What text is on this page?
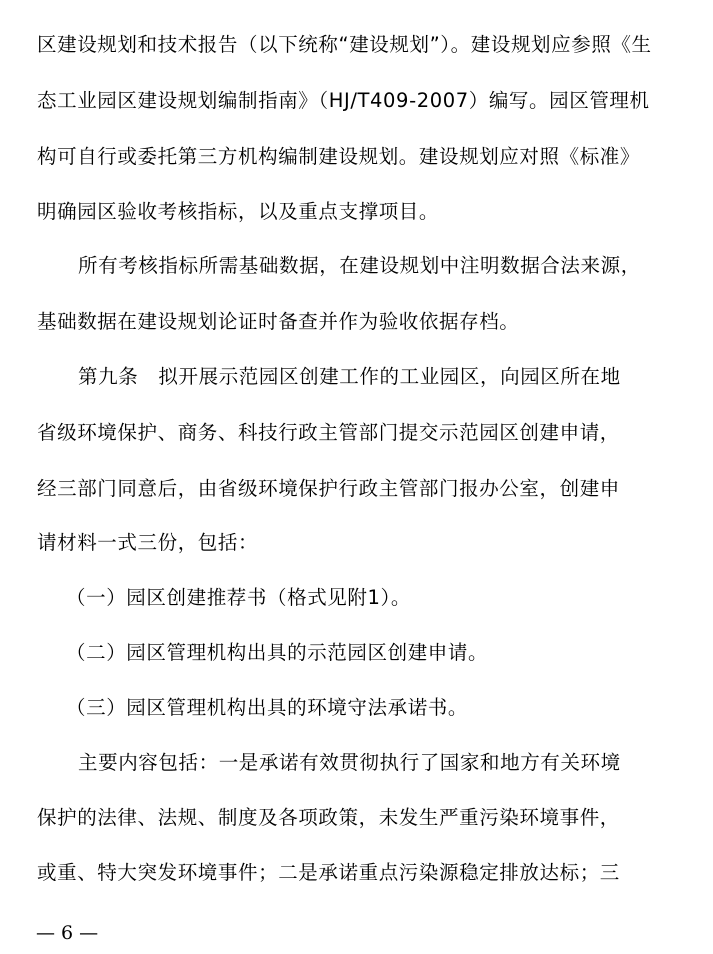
区建设规划和技术报告（以下统称“建设规划”）。建设规划应参照《生
态工业园区建设规划编制指南》（HJ/T409-2007）编写。园区管理机
构可自行或委托第三方机构编制建设规划。建设规划应对照《标准》
明确园区验收考核指标，以及重点支撑项目。
所有考核指标所需基础数据，在建设规划中注明数据合法来源，
基础数据在建设规划论证时备查并作为验收依据存档。
第九条　拟开展示范园区创建工作的工业园区，向园区所在地
省级环境保护、商务、科技行政主管部门提交示范园区创建申请，
经三部门同意后，由省级环境保护行政主管部门报办公室，创建申
请材料一式三份，包括：
（一）园区创建推荐书（格式见附1）。
（二）园区管理机构出具的示范园区创建申请。
（三）园区管理机构出具的环境守法承诺书。
主要内容包括：一是承诺有效贯彻执行了国家和地方有关环境
保护的法律、法规、制度及各项政策，未发生严重污染环境事件，
或重、特大突发环境事件；二是承诺重点污染源稳定排放达标；三
— 6 —
